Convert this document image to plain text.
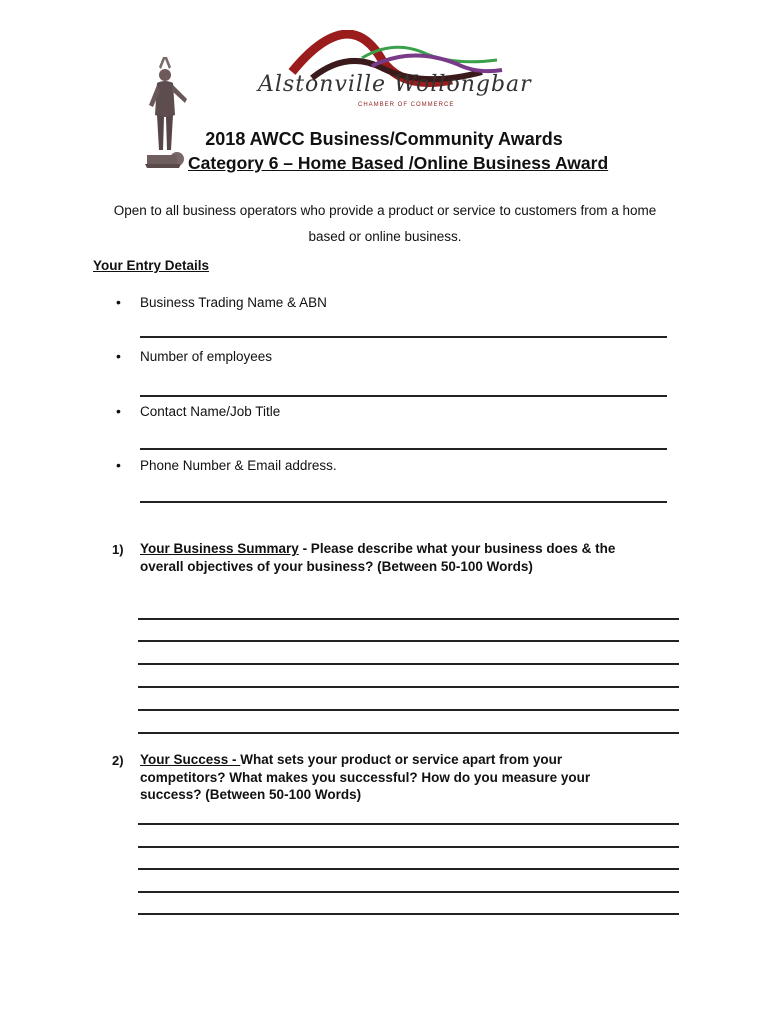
Alstonville Wollongbar
CHAMBER OF COMMERCE
2018 AWCC Business/Community Awards
Category 6 – Home Based /Online Business Award
Open to all business operators who provide a product or service to customers from a home
based or online business.
Your Entry Details
• Business Trading Name & ABN
• Number of employees
• Contact Name/Job Title
• Phone Number & Email address.
1) Your Business Summary - Please describe what your business does & the
overall objectives of your business? (Between 50-100 Words)
2) Your Success - What sets your product or service apart from your
competitors? What makes you successful? How do you measure your
success? (Between 50-100 Words)
